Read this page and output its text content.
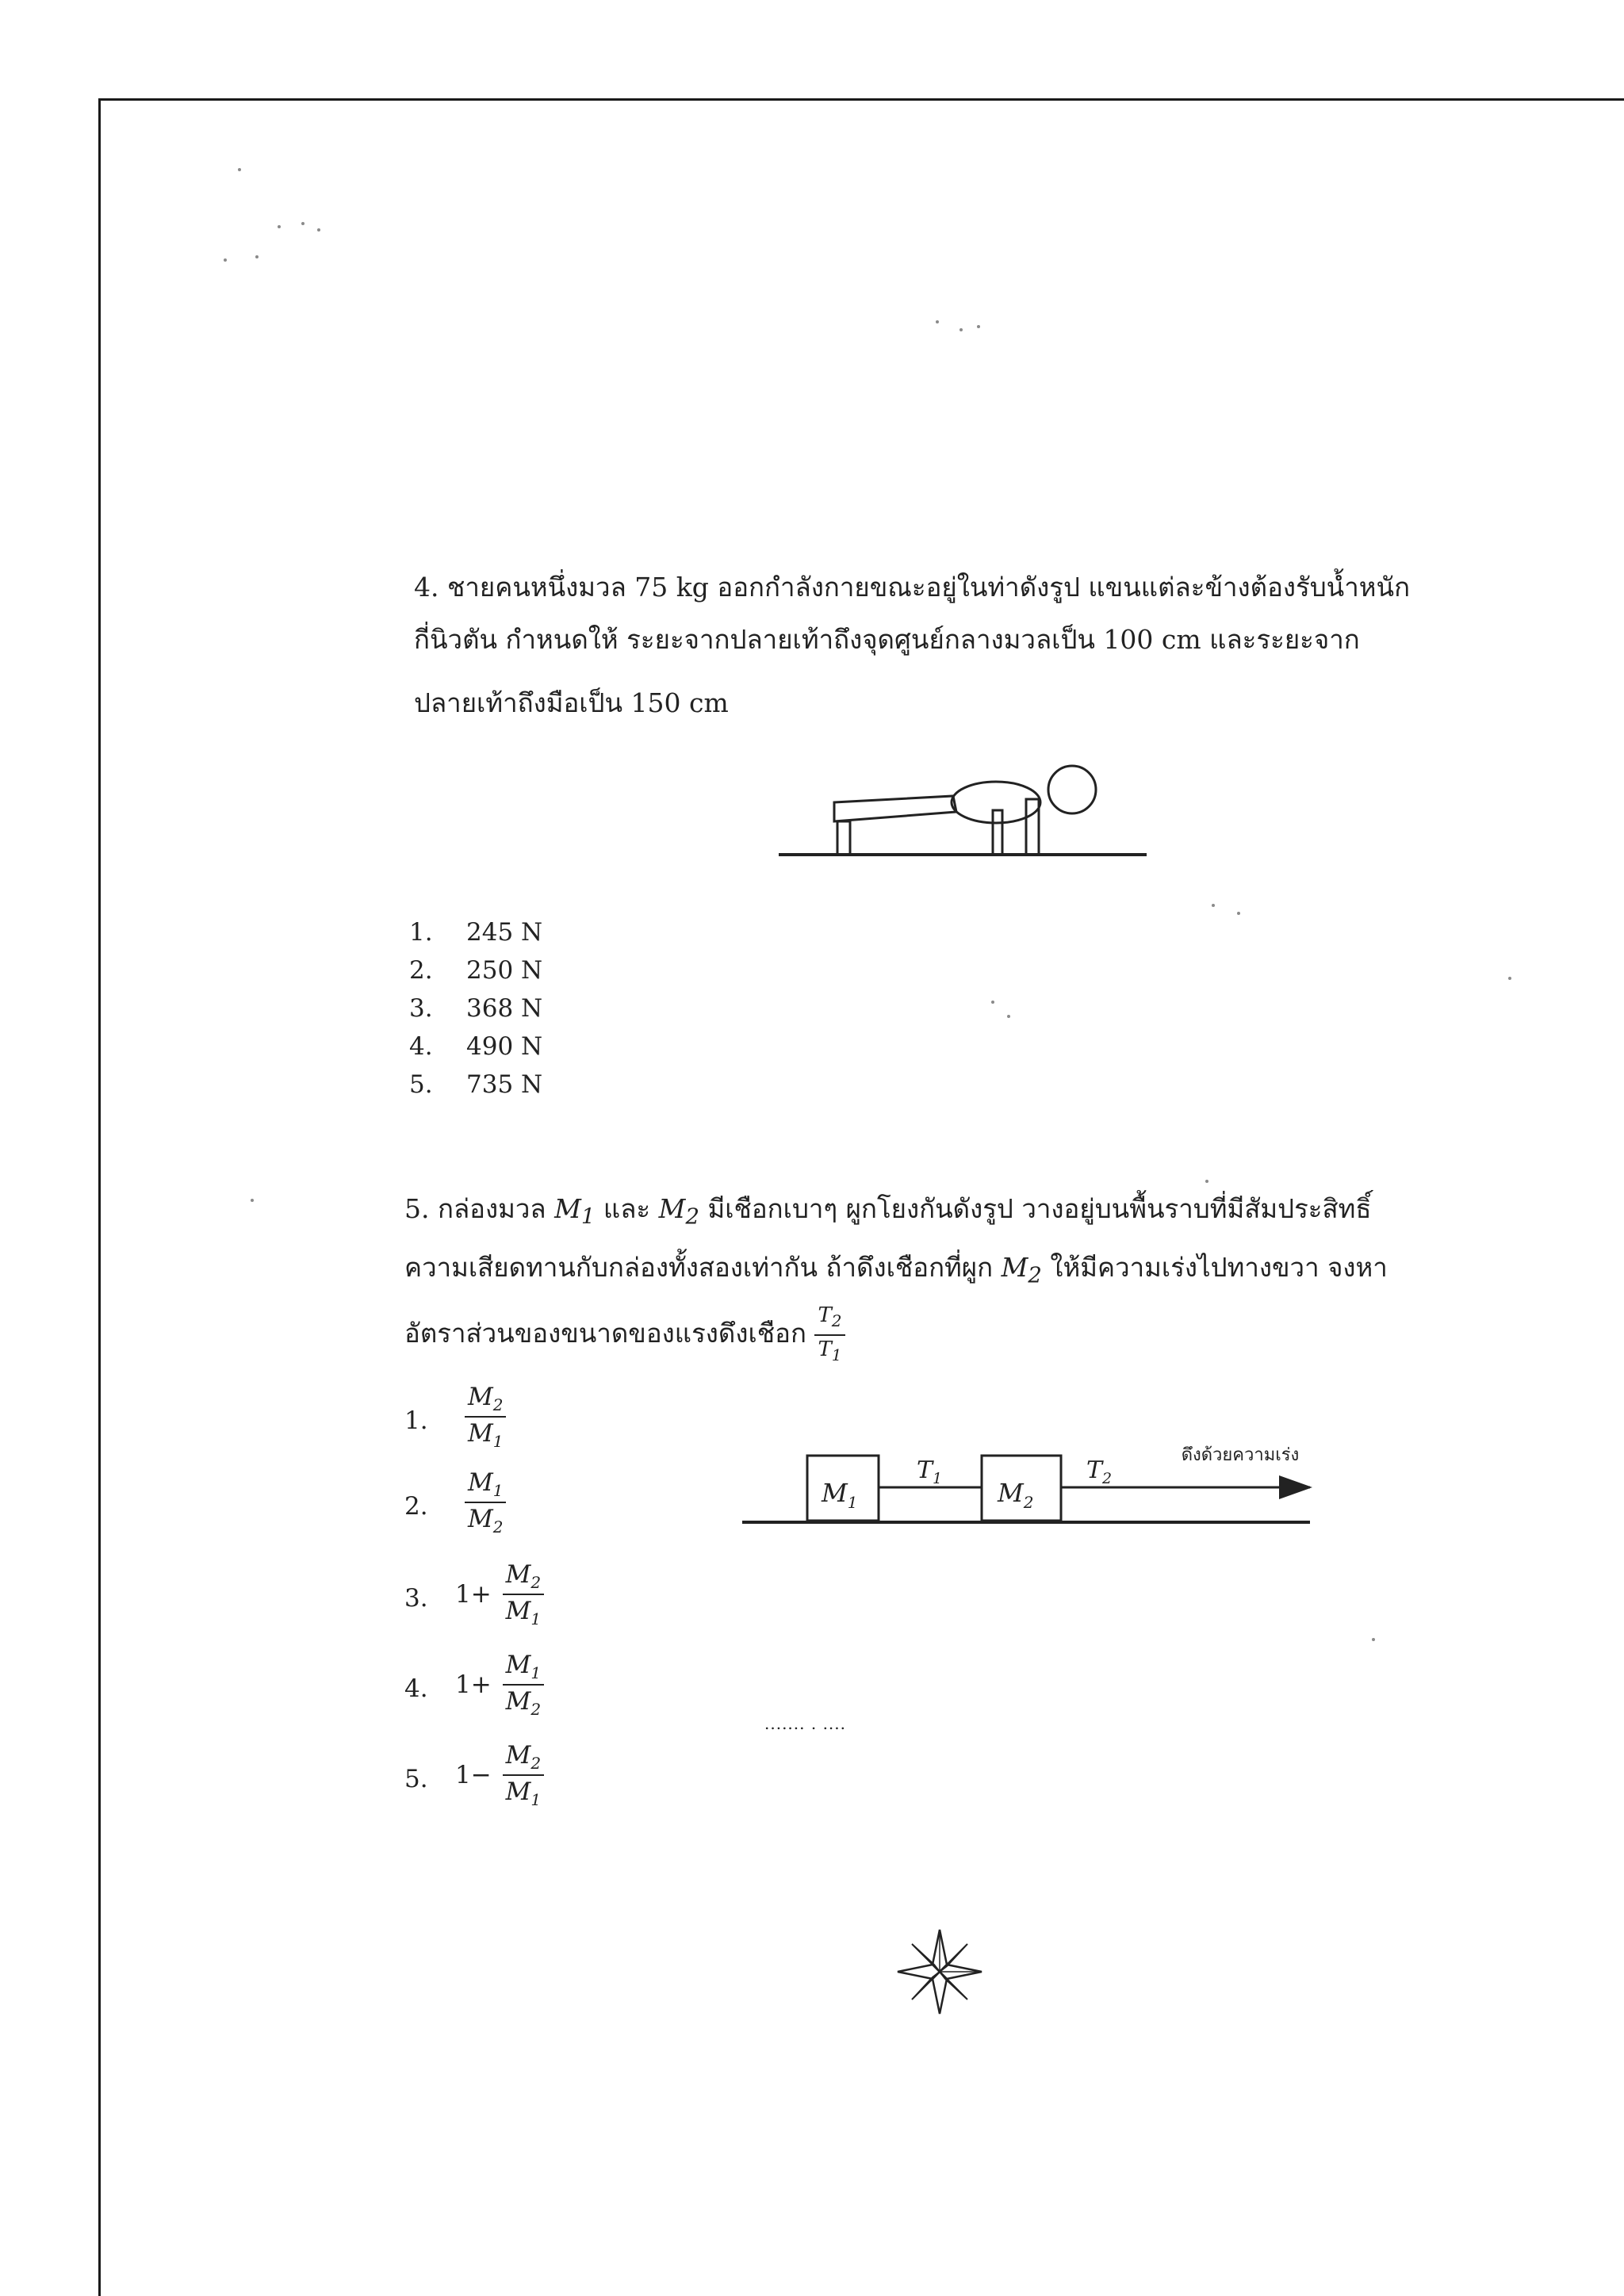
4. ชายคนหนึ่งมวล 75 kg ออกกำลังกายขณะอยู่ในท่าดังรูป แขนแต่ละข้างต้องรับน้ำหนัก
กี่นิวตัน กำหนดให้ ระยะจากปลายเท้าถึงจุดศูนย์กลางมวลเป็น 100 cm และระยะจาก
ปลายเท้าถึงมือเป็น 150 cm
1. 245 N
2. 250 N
3. 368 N
4. 490 N
5. 735 N
5. กล่องมวล $M_1$ และ $M_2$ มีเชือกเบาๆ ผูกโยงกันดังรูป วางอยู่บนพื้นราบที่มีสัมประสิทธิ์
ความเสียดทานกับกล่องทั้งสองเท่ากัน ถ้าดึงเชือกที่ผูก $M_2$ ให้มีความเร่งไปทางขวา จงหา
อัตราส่วนของขนาดของแรงดึงเชือก $\frac{T_2}{T_1}$
1. $\frac{M_2}{M_1}$
2. $\frac{M_1}{M_2}$
3. $1+ \frac{M_2}{M_1}$
4. $1+ \frac{M_1}{M_2}$
5. $1- \frac{M_2}{M_1}$
$M_1$	$M_2$
$T_1$	$T_2$
ดึงด้วยความเร่ง
....... . ....
